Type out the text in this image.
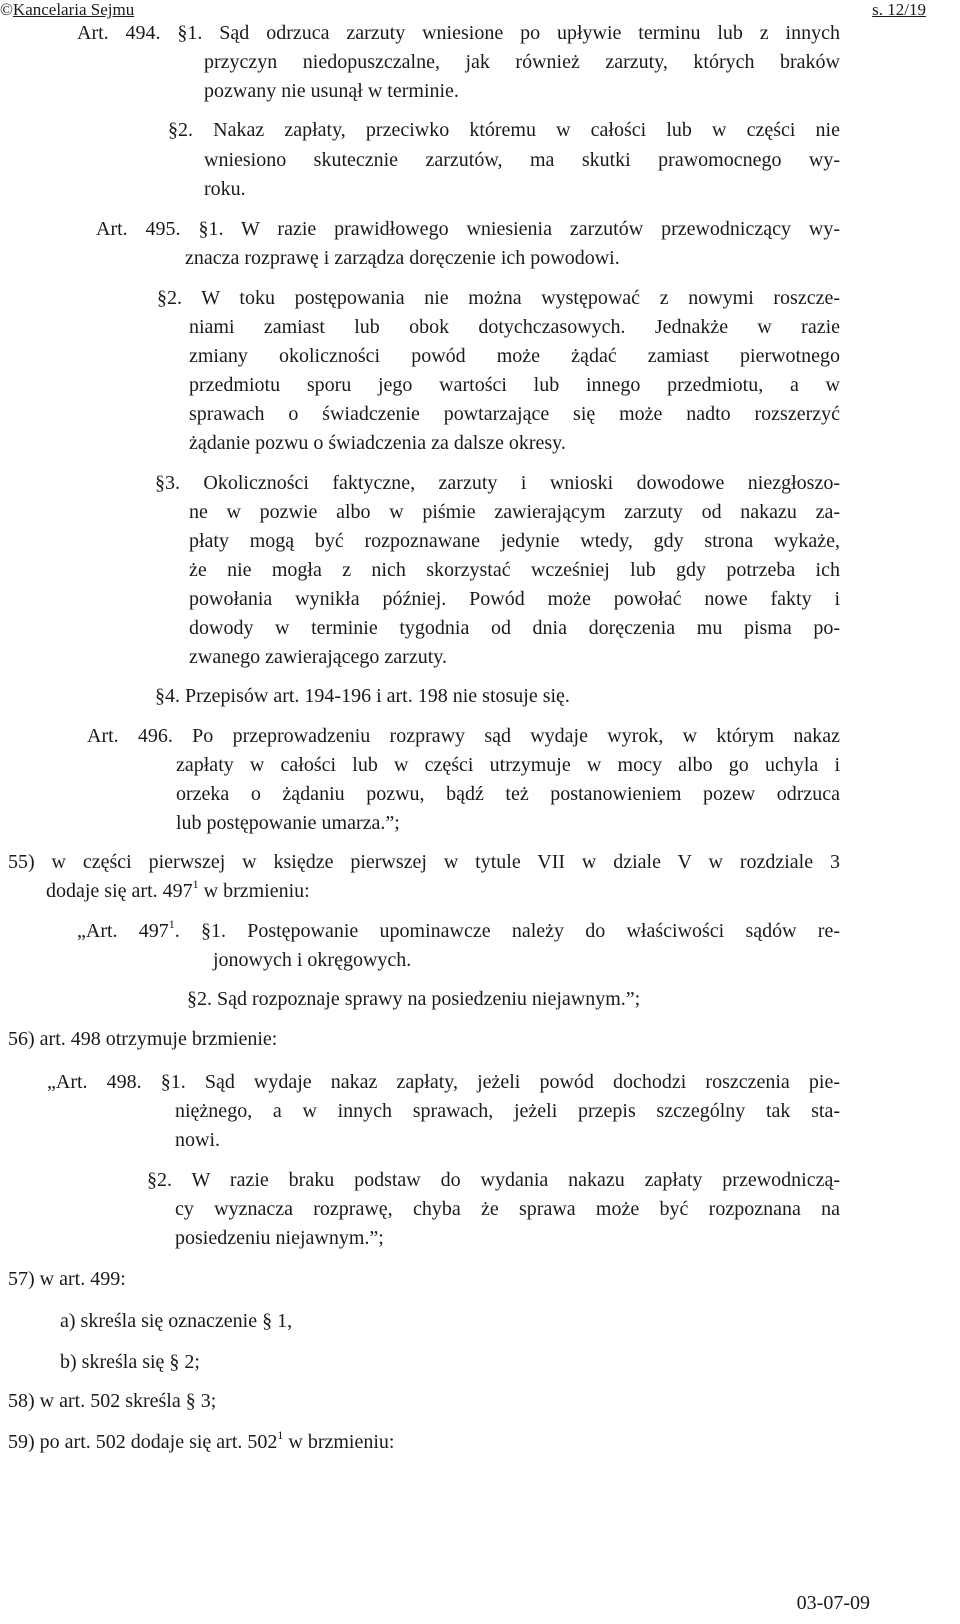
©Kancelaria Sejmu	s. 12/19
Art. 494. §1. Sąd odrzuca zarzuty wniesione po upływie terminu lub z innych
przyczyn niedopuszczalne, jak również zarzuty, których braków
pozwany nie usunął w terminie.
§2. Nakaz zapłaty, przeciwko któremu w całości lub w części nie
wniesiono skutecznie zarzutów, ma skutki prawomocnego wy-
roku.
Art. 495. §1. W razie prawidłowego wniesienia zarzutów przewodniczący wy-
znacza rozprawę i zarządza doręczenie ich powodowi.
§2. W toku postępowania nie można występować z nowymi roszcze-
niami zamiast lub obok dotychczasowych. Jednakże w razie
zmiany okoliczności powód może żądać zamiast pierwotnego
przedmiotu sporu jego wartości lub innego przedmiotu, a w
sprawach o świadczenie powtarzające się może nadto rozszerzyć
żądanie pozwu o świadczenia za dalsze okresy.
§3. Okoliczności faktyczne, zarzuty i wnioski dowodowe niezgłoszo-
ne w pozwie albo w piśmie zawierającym zarzuty od nakazu za-
płaty mogą być rozpoznawane jedynie wtedy, gdy strona wykaże,
że nie mogła z nich skorzystać wcześniej lub gdy potrzeba ich
powołania wynikła później. Powód może powołać nowe fakty i
dowody w terminie tygodnia od dnia doręczenia mu pisma po-
zwanego zawierającego zarzuty.
§4. Przepisów art. 194-196 i art. 198 nie stosuje się.
Art. 496. Po przeprowadzeniu rozprawy sąd wydaje wyrok, w którym nakaz
zapłaty w całości lub w części utrzymuje w mocy albo go uchyla i
orzeka o żądaniu pozwu, bądź też postanowieniem pozew odrzuca
lub postępowanie umarza.”;
55) w części pierwszej w księdze pierwszej w tytule VII w dziale V w rozdziale 3
dodaje się art. $497^1$ w brzmieniu:
„Art. $497^1$. §1. Postępowanie upominawcze należy do właściwości sądów re-
jonowych i okręgowych.
§2. Sąd rozpoznaje sprawy na posiedzeniu niejawnym.”;
56) art. 498 otrzymuje brzmienie:
„Art. 498. §1. Sąd wydaje nakaz zapłaty, jeżeli powód dochodzi roszczenia pie-
niężnego, a w innych sprawach, jeżeli przepis szczególny tak sta-
nowi.
§2. W razie braku podstaw do wydania nakazu zapłaty przewodniczą-
cy wyznacza rozprawę, chyba że sprawa może być rozpoznana na
posiedzeniu niejawnym.”;
57) w art. 499:
a) skreśla się oznaczenie § 1,
b) skreśla się § 2;
58) w art. 502 skreśla § 3;
59) po art. 502 dodaje się art. $502^1$ w brzmieniu:
03-07-09
